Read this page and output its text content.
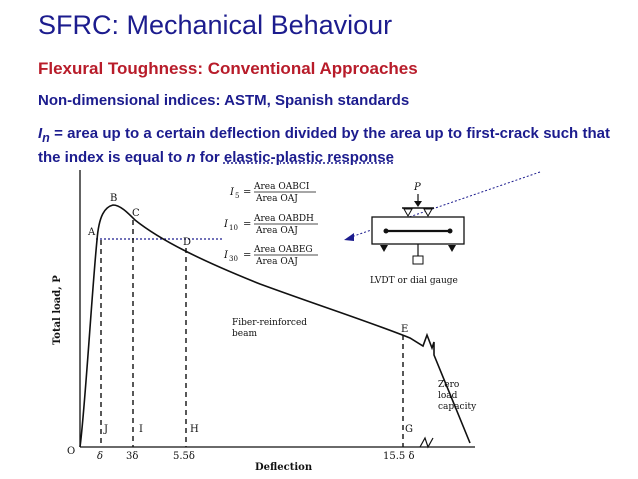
SFRC: Mechanical Behaviour
Flexural Toughness: Conventional Approaches
Non-dimensional indices: ASTM, Spanish standards
$I_n$ = area up to a certain deflection divided by the area up to first-crack such that the index is equal to n for elastic-plastic response
Total load, P
Deflection
O
A
B
C
D
E
J	I	H	G
δ 3δ	5.5δ	15.5 δ
I 5 = Area OABCI
Area OAJ
I 10 = Area OABDH
Area OAJ
I 30 = Area OABEG
Area OAJ
P
LVDT or dial gauge
Fiber-reinforced
beam
Zero
load
capacity
